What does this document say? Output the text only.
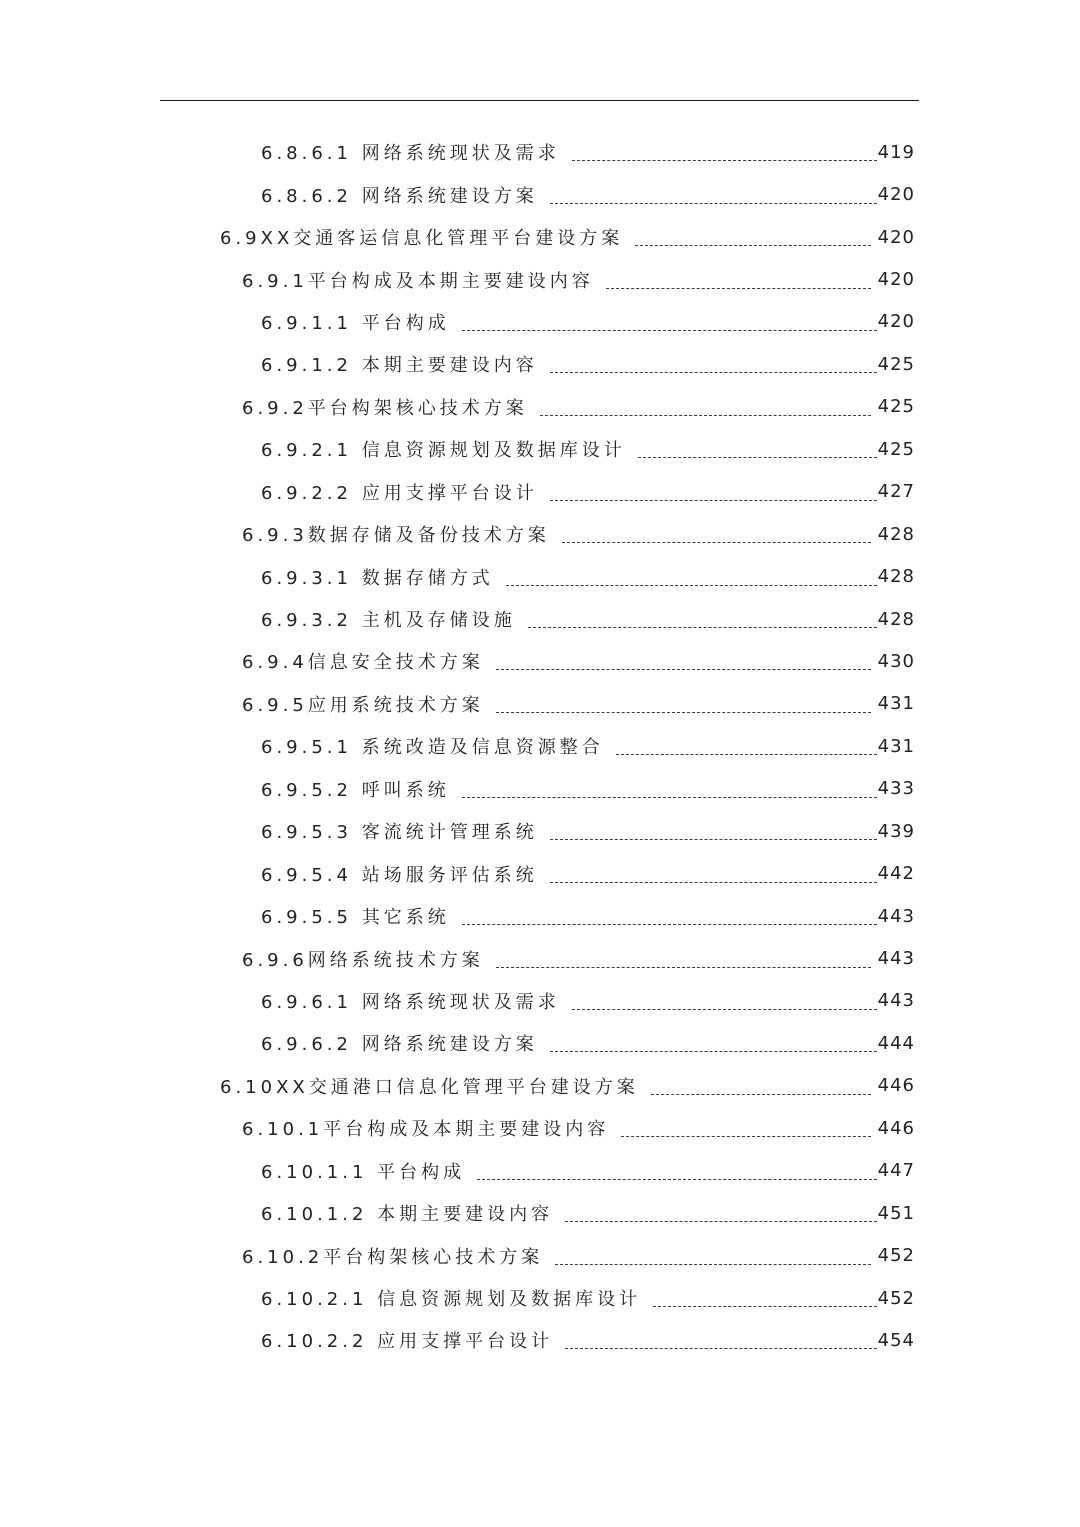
6.8.6.1 网络系统现状及需求	419
6.8.6.2 网络系统建设方案	420
6.9XX交通客运信息化管理平台建设方案	420
6.9.1平台构成及本期主要建设内容	420
6.9.1.1 平台构成	420
6.9.1.2 本期主要建设内容	425
6.9.2平台构架核心技术方案	425
6.9.2.1 信息资源规划及数据库设计	425
6.9.2.2 应用支撑平台设计	427
6.9.3数据存储及备份技术方案	428
6.9.3.1 数据存储方式	428
6.9.3.2 主机及存储设施	428
6.9.4信息安全技术方案	430
6.9.5应用系统技术方案	431
6.9.5.1 系统改造及信息资源整合	431
6.9.5.2 呼叫系统	433
6.9.5.3 客流统计管理系统	439
6.9.5.4 站场服务评估系统	442
6.9.5.5 其它系统	443
6.9.6网络系统技术方案	443
6.9.6.1 网络系统现状及需求	443
6.9.6.2 网络系统建设方案	444
6.10XX交通港口信息化管理平台建设方案	446
6.10.1平台构成及本期主要建设内容	446
6.10.1.1 平台构成	447
6.10.1.2 本期主要建设内容	451
6.10.2平台构架核心技术方案	452
6.10.2.1 信息资源规划及数据库设计	452
6.10.2.2 应用支撑平台设计	454
